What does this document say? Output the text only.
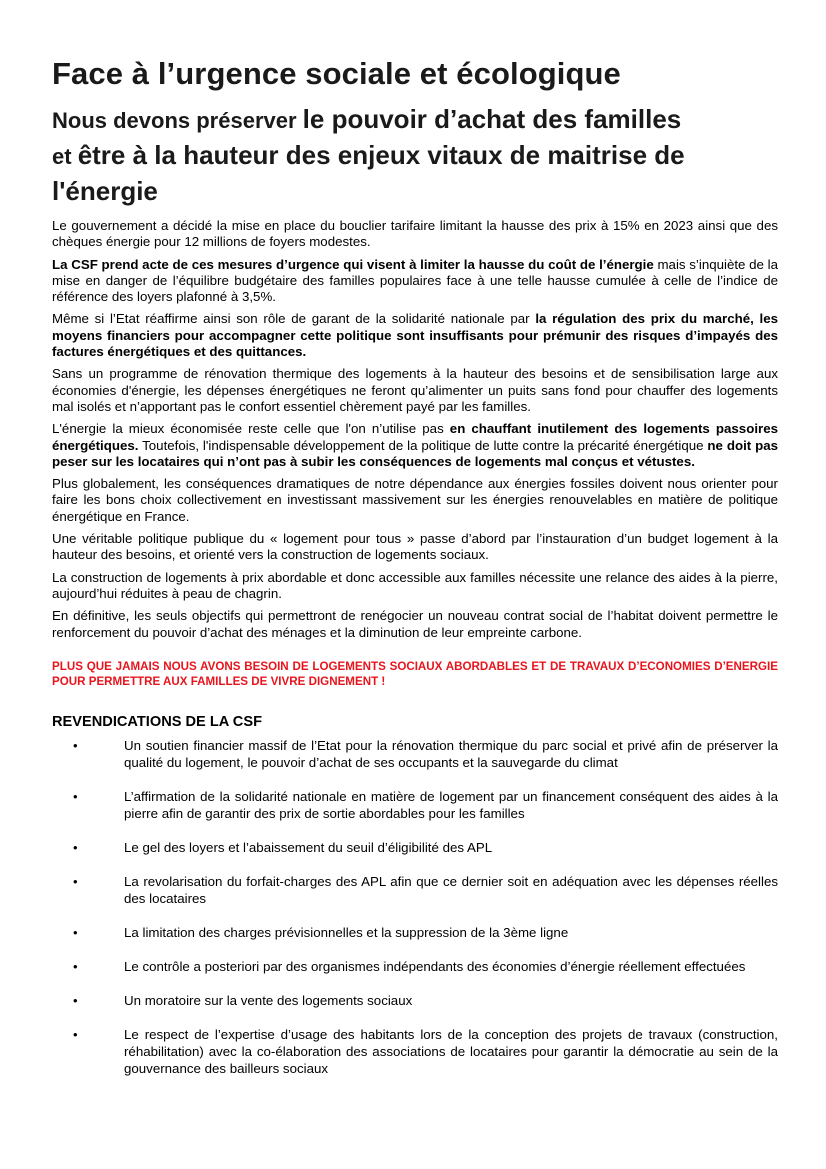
Face à l’urgence sociale et écologique
Nous devons préserver le pouvoir d’achat des familles
et être à la hauteur des enjeux vitaux de maitrise de l'énergie

Le gouvernement a décidé la mise en place du bouclier tarifaire limitant la hausse des prix à 15% en 2023 ainsi que des chèques énergie pour 12 millions de foyers modestes.

La CSF prend acte de ces mesures d’urgence qui visent à limiter la hausse du coût de l’énergie mais s’inquiète de la mise en danger de l’équilibre budgétaire des familles populaires face à une telle hausse cumulée à celle de l’indice de référence des loyers plafonné à 3,5%.

Même si l’Etat réaffirme ainsi son rôle de garant de la solidarité nationale par la régulation des prix du marché, les moyens financiers pour accompagner cette politique sont insuffisants pour prémunir des risques d’impayés des factures énergétiques et des quittances.

Sans un programme de rénovation thermique des logements à la hauteur des besoins et de sensibilisation large aux économies d'énergie, les dépenses énergétiques ne feront qu’alimenter un puits sans fond pour chauffer des logements mal isolés et n’apportant pas le confort essentiel chèrement payé par les familles.

L'énergie la mieux économisée reste celle que l'on n’utilise pas en chauffant inutilement des logements passoires énergétiques. Toutefois, l'indispensable développement de la politique de lutte contre la précarité énergétique ne doit pas peser sur les locataires qui n’ont pas à subir les conséquences de logements mal conçus et vétustes.

Plus globalement, les conséquences dramatiques de notre dépendance aux énergies fossiles doivent nous orienter pour faire les bons choix collectivement en investissant massivement sur les énergies renouvelables en matière de politique énergétique en France.

Une véritable politique publique du « logement pour tous » passe d’abord par l’instauration d’un budget logement à la hauteur des besoins, et orienté vers la construction de logements sociaux.

La construction de logements à prix abordable et donc accessible aux familles nécessite une relance des aides à la pierre, aujourd’hui réduites à peau de chagrin.

En définitive, les seuls objectifs qui permettront de renégocier un nouveau contrat social de l’habitat doivent permettre le renforcement du pouvoir d’achat des ménages et la diminution de leur empreinte carbone.

PLUS QUE JAMAIS NOUS AVONS BESOIN DE LOGEMENTS SOCIAUX ABORDABLES ET DE TRAVAUX D’ECONOMIES D’ENERGIE POUR PERMETTRE AUX FAMILLES DE VIVRE DIGNEMENT !

REVENDICATIONS DE LA CSF
•	Un soutien financier massif de l’Etat pour la rénovation thermique du parc social et privé afin de préserver la qualité du logement, le pouvoir d’achat de ses occupants et la sauvegarde du climat
•	L’affirmation de la solidarité nationale en matière de logement par un financement conséquent des aides à la pierre afin de garantir des prix de sortie abordables pour les familles
•	Le gel des loyers et l’abaissement du seuil d’éligibilité des APL
•	La revolarisation du forfait-charges des APL afin que ce dernier soit en adéquation avec les dépenses réelles des locataires
•	La limitation des charges prévisionnelles et la suppression de la 3ème ligne
•	Le contrôle a posteriori par des organismes indépendants des économies d’énergie réellement effectuées
•	Un moratoire sur la vente des logements sociaux
•	Le respect de l’expertise d’usage des habitants lors de la conception des projets de travaux (construction, réhabilitation) avec la co-élaboration des associations de locataires pour garantir la démocratie au sein de la gouvernance des bailleurs sociaux
